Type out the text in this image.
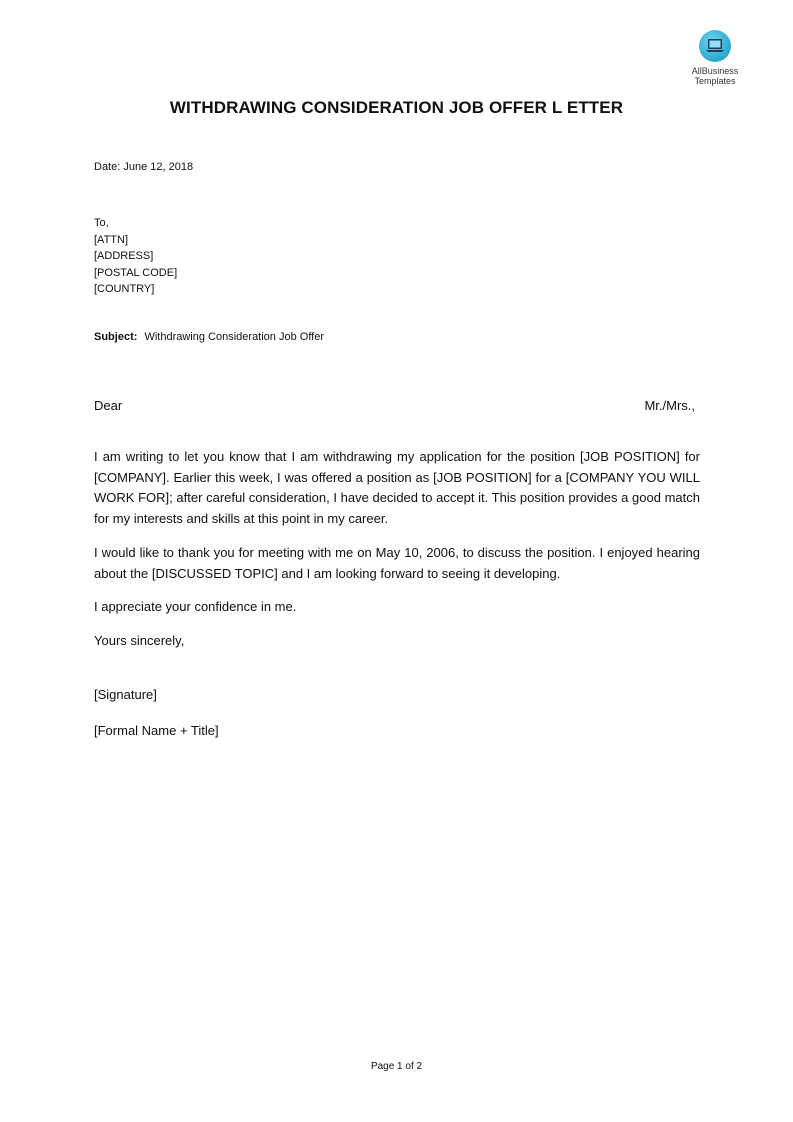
AllBusiness
Templates
WITHDRAWING CONSIDERATION JOB OFFER L ETTER
Date: June 12, 2018
To,
[ATTN]
[ADDRESS]
[POSTAL CODE]
[COUNTRY]
Subject: Withdrawing Consideration Job Offer
Dear	Mr./Mrs.,
I am writing to let you know that I am withdrawing my application for the position [JOB POSITION] for [COMPANY]. Earlier this week, I was offered a position as [JOB POSITION] for a [COMPANY YOU WILL WORK FOR]; after careful consideration, I have decided to accept it. This position provides a good match for my interests and skills at this point in my career.
I would like to thank you for meeting with me on May 10, 2006, to discuss the position. I enjoyed hearing about the [DISCUSSED TOPIC] and I am looking forward to seeing it developing.
I appreciate your confidence in me.
Yours sincerely,
[Signature]
[Formal Name + Title]
Page 1 of 2
